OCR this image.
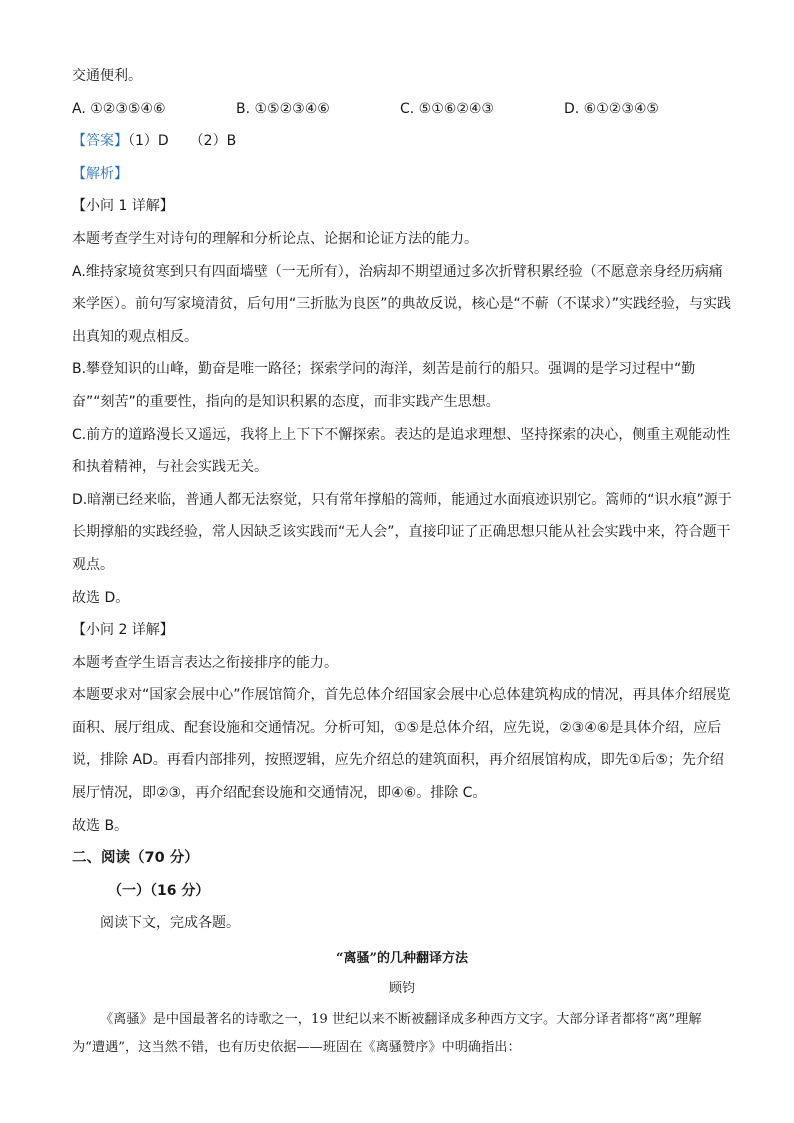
交通便利。

A. ①②③⑤④⑥	B. ①⑤②③④⑥	C. ⑤①⑥②④③	D. ⑥①②③④⑤

【答案】（1）D　　（2）B

【解析】

【小问 1 详解】

本题考查学生对诗句的理解和分析论点、论据和论证方法的能力。

A.维持家境贫寒到只有四面墙壁（一无所有），治病却不期望通过多次折臂积累经验（不愿意亲身经历病痛来学医）。前句写家境清贫，后句用“三折肱为良医”的典故反说，核心是“不蕲（不谋求）”实践经验，与实践出真知的观点相反。

B.攀登知识的山峰，勤奋是唯一路径；探索学问的海洋，刻苦是前行的船只。强调的是学习过程中“勤奋”“刻苦”的重要性，指向的是知识积累的态度，而非实践产生思想。

C.前方的道路漫长又遥远，我将上上下下不懈探索。表达的是追求理想、坚持探索的决心，侧重主观能动性和执着精神，与社会实践无关。

D.暗潮已经来临，普通人都无法察觉，只有常年撑船的篙师，能通过水面痕迹识别它。篙师的“识水痕”源于长期撑船的实践经验，常人因缺乏该实践而“无人会”，直接印证了正确思想只能从社会实践中来，符合题干观点。

故选 D。

【小问 2 详解】

本题考查学生语言表达之衔接排序的能力。

本题要求对“国家会展中心”作展馆简介，首先总体介绍国家会展中心总体建筑构成的情况，再具体介绍展览面积、展厅组成、配套设施和交通情况。分析可知，①⑤是总体介绍，应先说，②③④⑥是具体介绍，应后说，排除 AD。再看内部排列，按照逻辑，应先介绍总的建筑面积，再介绍展馆构成，即先①后⑤；先介绍展厅情况，即②③，再介绍配套设施和交通情况，即④⑥。排除 C。

故选 B。

二、阅读（70 分）
（一）（16 分）

阅读下文，完成各题。

“离骚”的几种翻译方法
顾钧

《离骚》是中国最著名的诗歌之一，19 世纪以来不断被翻译成多种西方文字。大部分译者都将“离”理解为“遭遇”，这当然不错，也有历史依据——班固在《离骚赞序》中明确指出：
